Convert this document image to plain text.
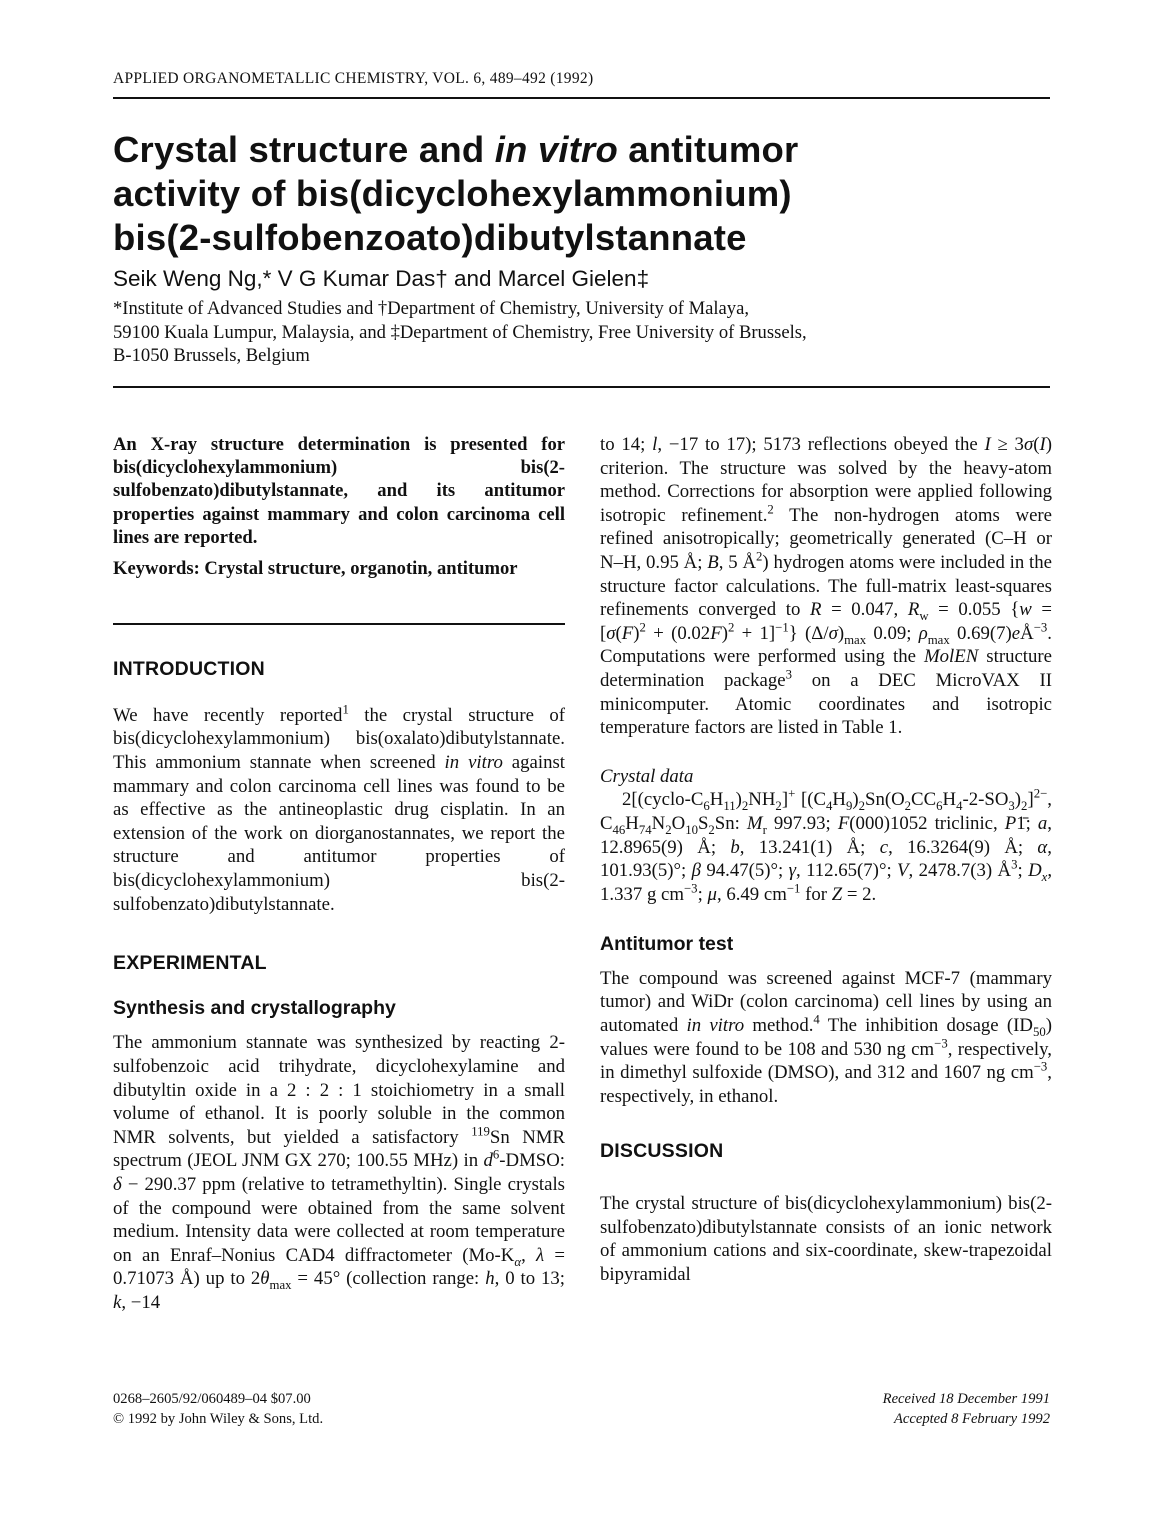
APPLIED ORGANOMETALLIC CHEMISTRY, VOL. 6, 489–492 (1992)
Crystal structure and in vitro antitumor
activity of bis(dicyclohexylammonium)
bis(2-sulfobenzoato)dibutylstannate
Seik Weng Ng,* V G Kumar Das† and Marcel Gielen‡
*Institute of Advanced Studies and †Department of Chemistry, University of Malaya,
59100 Kuala Lumpur, Malaysia, and ‡Department of Chemistry, Free University of Brussels,
B-1050 Brussels, Belgium

An X-ray structure determination is presented for bis(dicyclohexylammonium) bis(2-sulfobenzato)dibutylstannate, and its antitumor properties against mammary and colon carcinoma cell lines are reported.

Keywords: Crystal structure, organotin, antitumor

INTRODUCTION

We have recently reported$^1$ the crystal structure of bis(dicyclohexylammonium) bis(oxalato)dibutylstannate. This ammonium stannate when screened in vitro against mammary and colon carcinoma cell lines was found to be as effective as the antineoplastic drug cisplatin. In an extension of the work on diorganostannates, we report the structure and antitumor properties of bis(dicyclohexylammonium) bis(2-sulfobenzato)dibutylstannate.

EXPERIMENTAL
Synthesis and crystallography

The ammonium stannate was synthesized by reacting 2-sulfobenzoic acid trihydrate, dicyclohexylamine and dibutyltin oxide in a 2 : 2 : 1 stoichiometry in a small volume of ethanol. It is poorly soluble in the common NMR solvents, but yielded a satisfactory $^{119}$Sn NMR spectrum (JEOL JNM GX 270; 100.55 MHz) in $d^6$-DMSO: δ − 290.37 ppm (relative to tetramethyltin). Single crystals of the compound were obtained from the same solvent medium. Intensity data were collected at room temperature on an Enraf–Nonius CAD4 diffractometer ($Mo-K_\alpha$, λ = 0.71073 Å) up to $2\theta_{max} = 45^\circ$ (collection range: h, 0 to 13; k, −14

to 14; l, −17 to 17); 5173 reflections obeyed the I ≥ 3σ(I) criterion. The structure was solved by the heavy-atom method. Corrections for absorption were applied following isotropic refinement.$^2$ The non-hydrogen atoms were refined anisotropically; geometrically generated (C–H or N–H, 0.95 Å; B, 5 $Å^2$) hydrogen atoms were included in the structure factor calculations. The full-matrix least-squares refinements converged to R = 0.047, $R_w = 0.055$ $\{w = [\sigma(F)^2 + (0.02F)^2 + 1]^{-1}\}$ $(\Delta/\sigma)_{max}$ 0.09; $\rho_{max}$ $0.69(7)eÅ^{-3}$. Computations were performed using the MolEN structure determination package$^3$ on a DEC MicroVAX II minicomputer. Atomic coordinates and isotropic temperature factors are listed in Table 1.

Crystal data

$2[(cyclo-C_6H_{11})_2NH_2]^+$ $[(C_4H_9)_2Sn(O_2CC_6H_4-2-SO_3)_2]^{2-}$, $C_{46}H_{74}N_2O_{10}S_2Sn$: $M_r$ 997.93; F(000)1052 triclinic, P1̄; a, 12.8965(9) Å; b, 13.241(1) Å; c, 16.3264(9) Å; α, 101.93(5)°; β 94.47(5)°; γ, 112.65(7)°; V, 2478.7(3) $Å^3$; $D_x$, 1.337 g $cm^{-3}$; μ, 6.49 $cm^{-1}$ for Z = 2.

Antitumor test

The compound was screened against MCF-7 (mammary tumor) and WiDr (colon carcinoma) cell lines by using an automated in vitro method.$^4$ The inhibition dosage $(ID_{50})$ values were found to be 108 and 530 ng $cm^{-3}$, respectively, in dimethyl sulfoxide (DMSO), and 312 and 1607 ng $cm^{-3}$, respectively, in ethanol.

DISCUSSION

The crystal structure of bis(dicyclohexylammonium) bis(2-sulfobenzato)dibutylstannate consists of an ionic network of ammonium cations and six-coordinate, skew-trapezoidal bipyramidal

0268–2605/92/060489–04 $07.00
© 1992 by John Wiley & Sons, Ltd.
Received 18 December 1991
Accepted 8 February 1992
